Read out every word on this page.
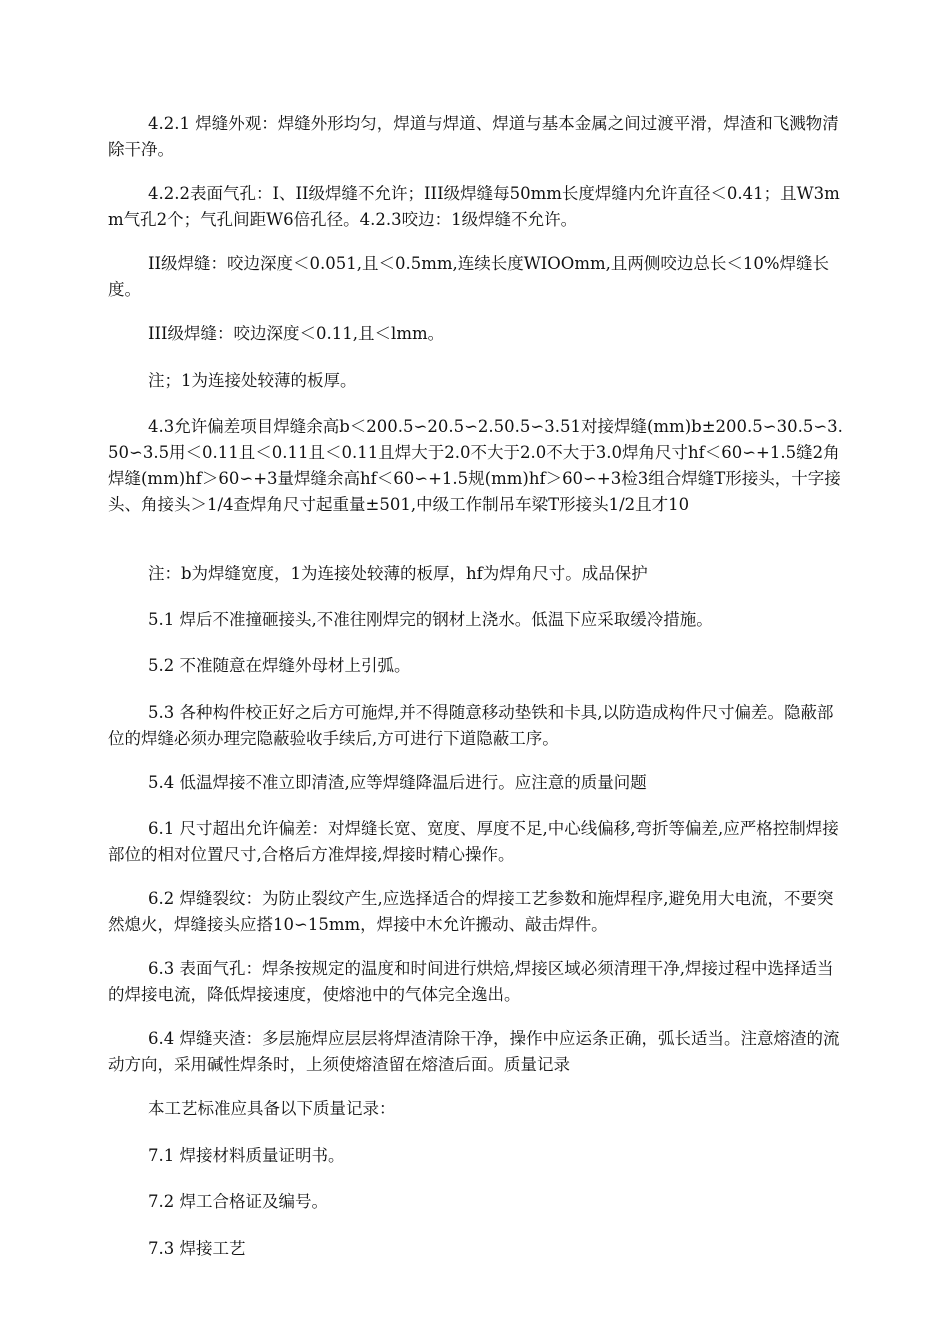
4.2.1 焊缝外观：焊缝外形均匀，焊道与焊道、焊道与基本金属之间过渡平滑，焊渣和飞溅物清除干净。

4.2.2表面气孔：I、II级焊缝不允许；III级焊缝每50mm长度焊缝内允许直径＜0.41；且W3mm气孔2个；气孔间距W6倍孔径。4.2.3咬边：1级焊缝不允许。

II级焊缝：咬边深度＜0.051,且＜0.5mm,连续长度WIOOmm,且两侧咬边总长＜10%焊缝长度。

III级焊缝：咬边深度＜0.11,且＜lmm。

注；1为连接处较薄的板厚。

4.3允许偏差项目焊缝余高b＜200.5∽20.5∽2.50.5∽3.51对接焊缝(mm)b±200.5∽30.5∽3.50∽3.5用＜0.11且＜0.11且＜0.11且焊大于2.0不大于2.0不大于3.0焊角尺寸hf＜60∽+1.5缝2角焊缝(mm)hf＞60∽+3量焊缝余高hf＜60∽+1.5规(mm)hf＞60∽+3检3组合焊缝T形接头，十字接头、角接头＞1/4查焊角尺寸起重量±501,中级工作制吊车梁T形接头1/2且才10

注：b为焊缝宽度，1为连接处较薄的板厚，hf为焊角尺寸。成品保护

5.1 焊后不准撞砸接头,不准往刚焊完的钢材上浇水。低温下应采取缓冷措施。

5.2 不准随意在焊缝外母材上引弧。

5.3 各种构件校正好之后方可施焊,并不得随意移动垫铁和卡具,以防造成构件尺寸偏差。隐蔽部位的焊缝必须办理完隐蔽验收手续后,方可进行下道隐蔽工序。

5.4 低温焊接不准立即清渣,应等焊缝降温后进行。应注意的质量问题

6.1 尺寸超出允许偏差：对焊缝长宽、宽度、厚度不足,中心线偏移,弯折等偏差,应严格控制焊接部位的相对位置尺寸,合格后方准焊接,焊接时精心操作。

6.2 焊缝裂纹：为防止裂纹产生,应选择适合的焊接工艺参数和施焊程序,避免用大电流，不要突然熄火，焊缝接头应搭10∽15mm，焊接中木允许搬动、敲击焊件。

6.3 表面气孔：焊条按规定的温度和时间进行烘焙,焊接区域必须清理干净,焊接过程中选择适当的焊接电流，降低焊接速度，使熔池中的气体完全逸出。

6.4 焊缝夹渣：多层施焊应层层将焊渣清除干净，操作中应运条正确，弧长适当。注意熔渣的流动方向，采用碱性焊条时，上须使熔渣留在熔渣后面。质量记录

本工艺标准应具备以下质量记录：

7.1 焊接材料质量证明书。

7.2 焊工合格证及编号。

7.3 焊接工艺
